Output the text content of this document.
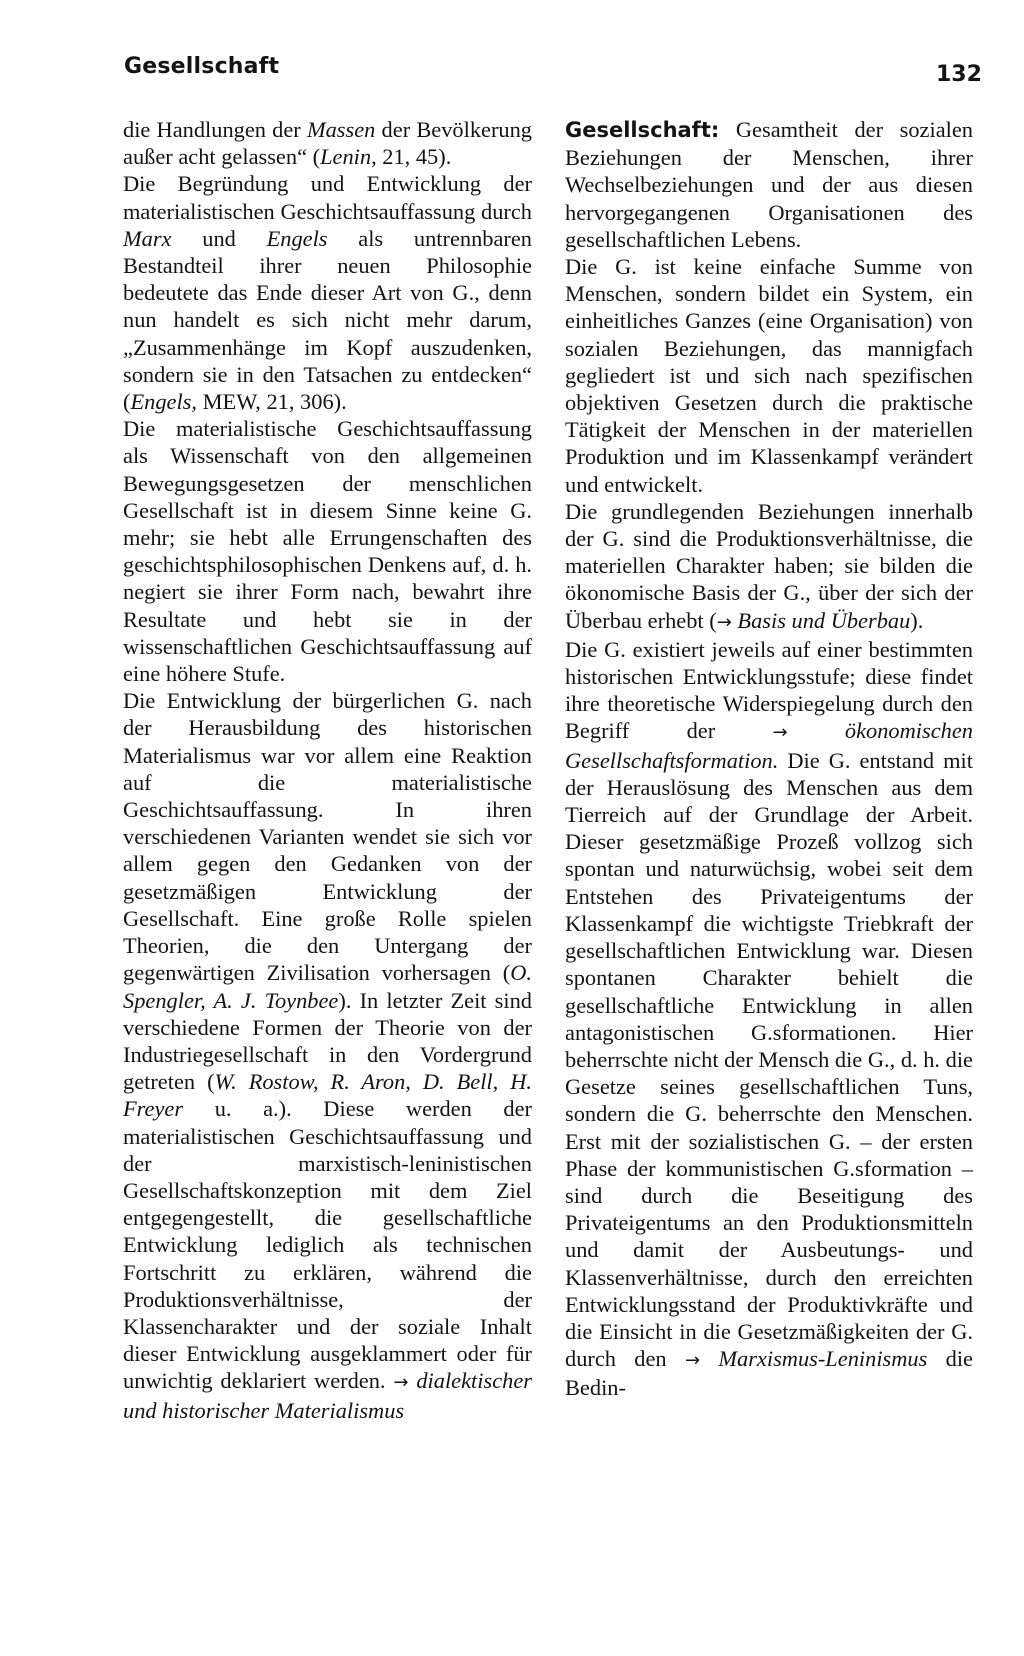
Gesellschaft	132

die Handlungen der Massen der Bevölkerung außer acht gelassen“ (Lenin, 21, 45).

Die Begründung und Entwicklung der materialistischen Geschichtsauffassung durch Marx und Engels als untrennbaren Bestandteil ihrer neuen Philosophie bedeutete das Ende dieser Art von G., denn nun handelt es sich nicht mehr darum, „Zusammenhänge im Kopf auszudenken, sondern sie in den Tatsachen zu entdecken“ (Engels, MEW, 21, 306).

Die materialistische Geschichtsauffassung als Wissenschaft von den allgemeinen Bewegungsgesetzen der menschlichen Gesellschaft ist in diesem Sinne keine G. mehr; sie hebt alle Errungenschaften des geschichtsphilosophischen Denkens auf, d. h. negiert sie ihrer Form nach, bewahrt ihre Resultate und hebt sie in der wissenschaftlichen Geschichtsauffassung auf eine höhere Stufe.

Die Entwicklung der bürgerlichen G. nach der Herausbildung des historischen Materialismus war vor allem eine Reaktion auf die materialistische Geschichtsauffassung. In ihren verschiedenen Varianten wendet sie sich vor allem gegen den Gedanken von der gesetzmäßigen Entwicklung der Gesellschaft. Eine große Rolle spielen Theorien, die den Untergang der gegenwärtigen Zivilisation vorhersagen (O. Spengler, A. J. Toynbee). In letzter Zeit sind verschiedene Formen der Theorie von der Industriegesellschaft in den Vordergrund getreten (W. Rostow, R. Aron, D. Bell, H. Freyer u. a.). Diese werden der materialistischen Geschichtsauffassung und der marxistisch-leninistischen Gesellschaftskonzeption mit dem Ziel entgegengestellt, die gesellschaftliche Entwicklung lediglich als technischen Fortschritt zu erklären, während die Produktionsverhältnisse, der Klassencharakter und der soziale Inhalt dieser Entwicklung ausgeklammert oder für unwichtig deklariert werden. → dialektischer und historischer Materialismus

Gesellschaft: Gesamtheit der sozialen Beziehungen der Menschen, ihrer Wechselbeziehungen und der aus diesen hervorgegangenen Organisationen des gesellschaftlichen Lebens.

Die G. ist keine einfache Summe von Menschen, sondern bildet ein System, ein einheitliches Ganzes (eine Organisation) von sozialen Beziehungen, das mannigfach gegliedert ist und sich nach spezifischen objektiven Gesetzen durch die praktische Tätigkeit der Menschen in der materiellen Produktion und im Klassenkampf verändert und entwickelt.

Die grundlegenden Beziehungen innerhalb der G. sind die Produktionsverhältnisse, die materiellen Charakter haben; sie bilden die ökonomische Basis der G., über der sich der Überbau erhebt (→ Basis und Überbau).

Die G. existiert jeweils auf einer bestimmten historischen Entwicklungsstufe; diese findet ihre theoretische Widerspiegelung durch den Begriff der →	ökonomischen Gesellschaftsformation. Die G. entstand mit der Herauslösung des Menschen aus dem Tierreich auf der Grundlage der Arbeit. Dieser gesetzmäßige Prozeß vollzog sich spontan und naturwüchsig, wobei seit dem Entstehen des Privateigentums der Klassenkampf die wichtigste Triebkraft der gesellschaftlichen Entwicklung war. Diesen spontanen Charakter behielt die gesellschaftliche Entwicklung in allen antagonistischen G.sformationen. Hier beherrschte nicht der Mensch die G., d. h. die Gesetze seines gesellschaftlichen Tuns, sondern die G. beherrschte den Menschen. Erst mit der sozialistischen G. – der ersten Phase der kommunistischen G.sformation – sind durch die Beseitigung des Privateigentums an den Produktionsmitteln und damit der Ausbeutungs- und Klassenverhältnisse, durch den erreichten Entwicklungsstand der Produktivkräfte und die Einsicht in die Gesetzmäßigkeiten der G. durch den → Marxismus-Leninismus die Bedin-
